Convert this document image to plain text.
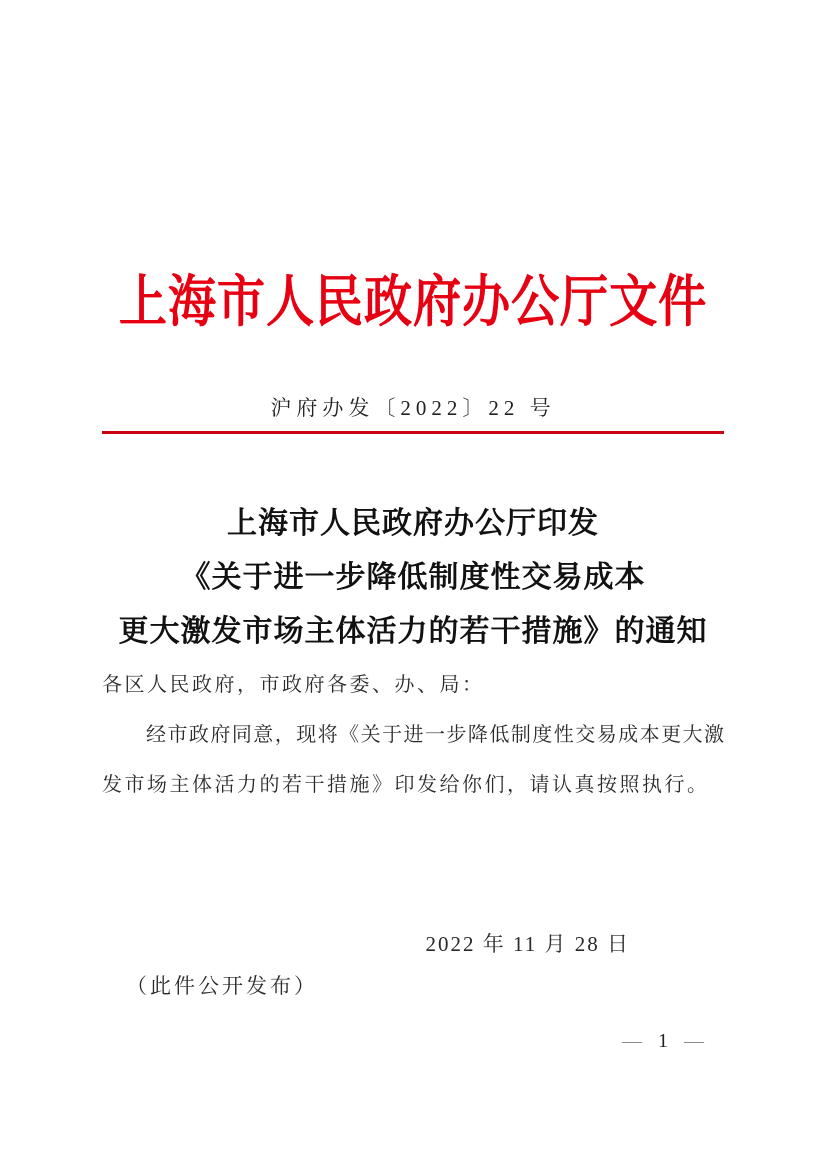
上海市人民政府办公厅文件
沪府办发〔2022〕22 号
上海市人民政府办公厅印发
《关于进一步降低制度性交易成本
更大激发市场主体活力的若干措施》的通知
各区人民政府，市政府各委、办、局：
经市政府同意，现将《关于进一步降低制度性交易成本更大激
发市场主体活力的若干措施》印发给你们，请认真按照执行。
2022 年 11 月 28 日
（此件公开发布）
— 1 —
